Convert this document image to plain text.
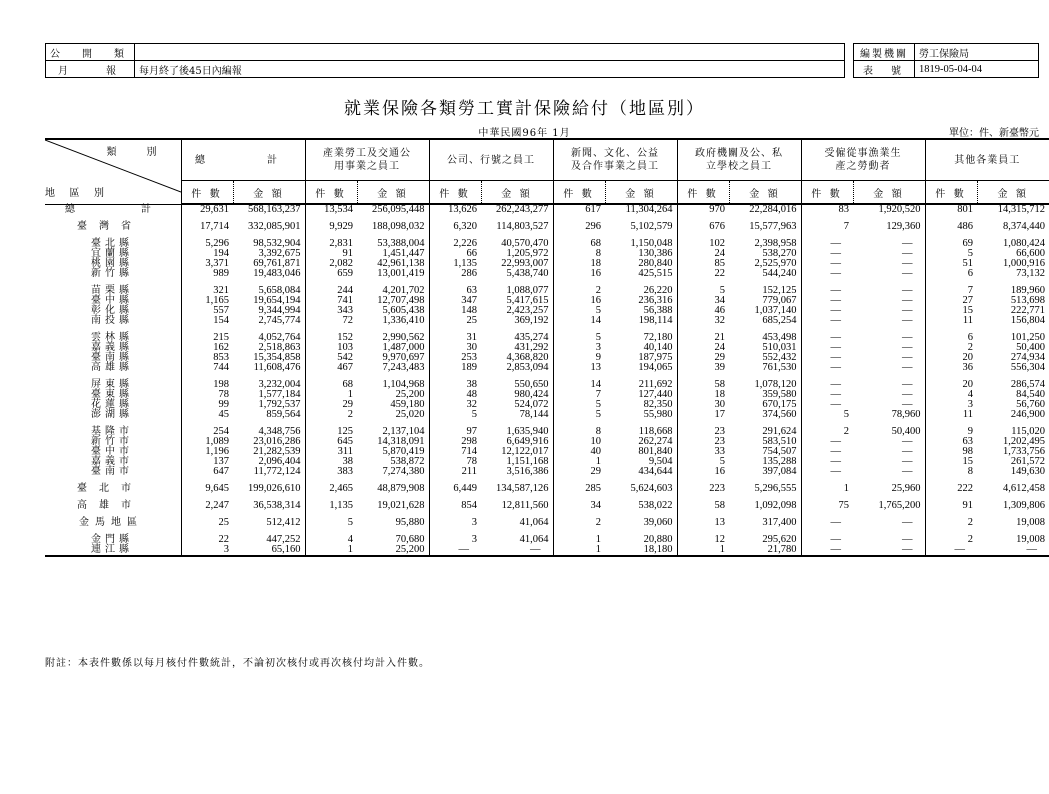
公　開　類	
月　　報	每月終了後45日內編報
編製機關	勞工保險局
表　號	1819-05-04-04
就業保險各類勞工實計保險給付（地區別）
中華民國96年 1月	單位：件、新臺幣元
類　別
地 區 別	總　　計		產業勞工及交通公用事業之員工		公司、行號之員工		新聞、文化、公益及合作事業之員工		政府機關及公、私立學校之員工		受僱從事漁業生產之勞動者		其他各業員工	
	件 數	金 額	件 數	金 額	件 數	金 額	件 數	金 額	件 數	金 額	件 數	金 額	件 數	金 額
總　計	29,631	568,163,237	13,534	256,095,448	13,626	262,243,277	617	11,304,264	970	22,284,016	83	1,920,520	801	14,315,712

臺灣省	17,714	332,085,901	9,929	188,098,032	6,320	114,803,527	296	5,102,579	676	15,577,963	7	129,360	486	8,374,440

臺北縣	5,296	98,532,904	2,831	53,388,004	2,226	40,570,470	68	1,150,048	102	2,398,958	—	—	69	1,080,424
宜蘭縣	194	3,392,675	91	1,451,447	66	1,205,972	8	130,386	24	538,270	—	—	5	66,600
桃園縣	3,371	69,761,871	2,082	42,961,138	1,135	22,993,007	18	280,840	85	2,525,970	—	—	51	1,000,916
新竹縣	989	19,483,046	659	13,001,419	286	5,438,740	16	425,515	22	544,240	—	—	6	73,132

苗栗縣	321	5,658,084	244	4,201,702	63	1,088,077	2	26,220	5	152,125	—	—	7	189,960
臺中縣	1,165	19,654,194	741	12,707,498	347	5,417,615	16	236,316	34	779,067	—	—	27	513,698
彰化縣	557	9,344,994	343	5,605,438	148	2,423,257	5	56,388	46	1,037,140	—	—	15	222,771
南投縣	154	2,745,774	72	1,336,410	25	369,192	14	198,114	32	685,254	—	—	11	156,804

雲林縣	215	4,052,764	152	2,990,562	31	435,274	5	72,180	21	453,498	—	—	6	101,250
嘉義縣	162	2,518,863	103	1,487,000	30	431,292	3	40,140	24	510,031	—	—	2	50,400
臺南縣	853	15,354,858	542	9,970,697	253	4,368,820	9	187,975	29	552,432	—	—	20	274,934
高雄縣	744	11,608,476	467	7,243,483	189	2,853,094	13	194,065	39	761,530	—	—	36	556,304

屏東縣	198	3,232,004	68	1,104,968	38	550,650	14	211,692	58	1,078,120	—	—	20	286,574
臺東縣	78	1,577,184	1	25,200	48	980,424	7	127,440	18	359,580	—	—	4	84,540
花蓮縣	99	1,792,537	29	459,180	32	524,072	5	82,350	30	670,175	—	—	3	56,760
澎湖縣	45	859,564	2	25,020	5	78,144	5	55,980	17	374,560	5	78,960	11	246,900

基隆市	254	4,348,756	125	2,137,104	97	1,635,940	8	118,668	23	291,624	2	50,400	9	115,020
新竹市	1,089	23,016,286	645	14,318,091	298	6,649,916	10	262,274	23	583,510	—	—	63	1,202,495
臺中市	1,196	21,282,539	311	5,870,419	714	12,122,017	40	801,840	33	754,507	—	—	98	1,733,756
嘉義市	137	2,096,404	38	538,872	78	1,151,168	1	9,504	5	135,288	—	—	15	261,572
臺南市	647	11,772,124	383	7,274,380	211	3,516,386	29	434,644	16	397,084	—	—	8	149,630

臺北市	9,645	199,026,610	2,465	48,879,908	6,449	134,587,126	285	5,624,603	223	5,296,555	1	25,960	222	4,612,458

高雄市	2,247	36,538,314	1,135	19,021,628	854	12,811,560	34	538,022	58	1,092,098	75	1,765,200	91	1,309,806

金馬地區	25	512,412	5	95,880	3	41,064	2	39,060	13	317,400	—	—	2	19,008

金門縣	22	447,252	4	70,680	3	41,064	1	20,880	12	295,620	—	—	2	19,008
連江縣	3	65,160	1	25,200	—	—	1	18,180	1	21,780	—	—	—	—
附註：本表件數係以每月核付件數統計，不論初次核付或再次核付均計入件數。
